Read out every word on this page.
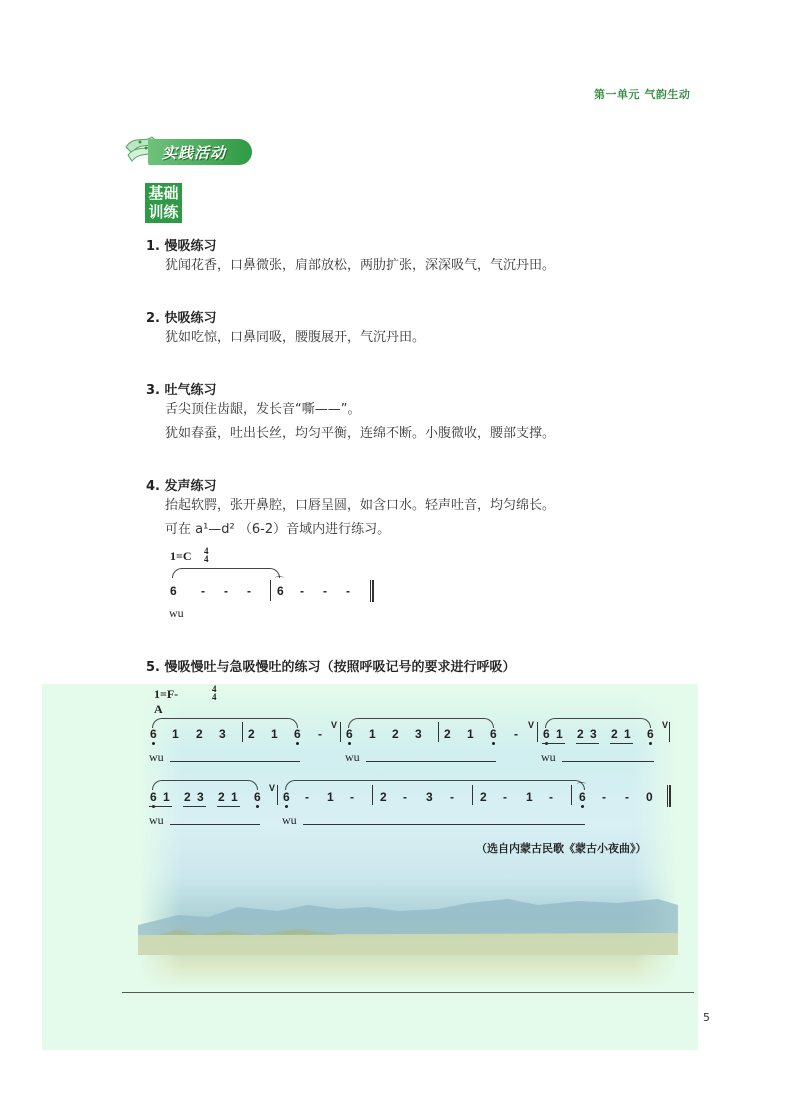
第一单元 气韵生动
实践活动
基础
训练
1. 慢吸练习
犹闻花香，口鼻微张，肩部放松，两肋扩张，深深吸气，气沉丹田。
2. 快吸练习
犹如吃惊，口鼻同吸，腰腹展开，气沉丹田。
3. 吐气练习
舌尖顶住齿龈，发长音“嘶——”。
犹如春蚕，吐出长丝，均匀平衡，连绵不断。小腹微收，腰部支撑。
4. 发声练习
抬起软腭，张开鼻腔，口唇呈圆，如含口水。轻声吐音，均匀绵长。
可在 a¹—d² （6-2̇）音域内进行练习。
5. 慢吸慢吐与急吸慢吐的练习（按照呼吸记号的要求进行呼吸）
1=C 4
4
6 - - -
⌒
6 - - -
wu
1=F-A
4
4
6 1 2 3 2 1 6 -
V
6 1 2 3 2 1 6 -
V
6 1 2 3 2 1 6
V
wu	wu	wu
6 1 2 3 2 1 6
V
6 - 1 - 2 - 3 - 2 - 1 -
⌒
6 - - 0
wu	wu
（选自内蒙古民歌《蒙古小夜曲》）
5
